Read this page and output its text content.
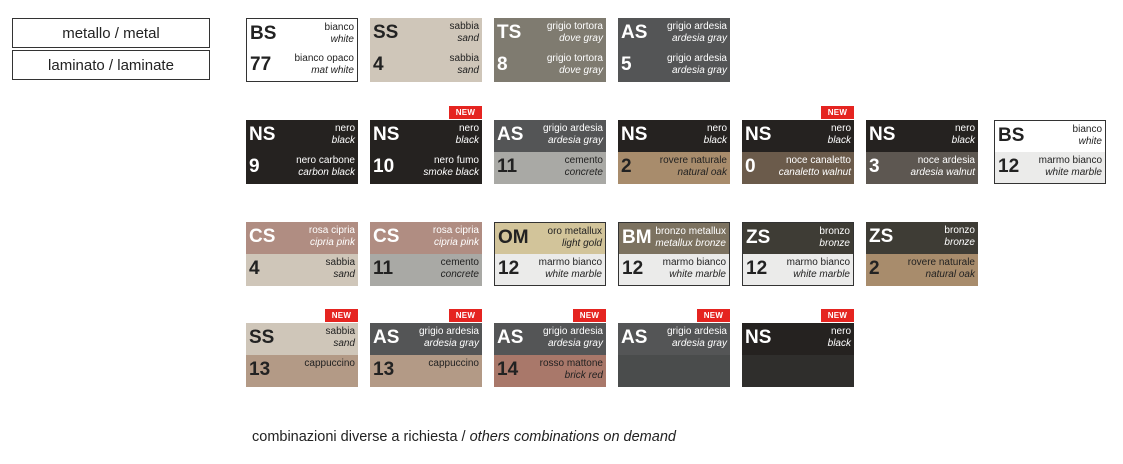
metallo / metal
laminato / laminate
BS	bianco
white
77 bianco opaco
mat white
SS	sabbia
sand
4	sabbia
sand
TS	grigio tortora
dove gray
8	grigio tortora
dove gray
AS grigio ardesia
ardesia gray
5	grigio ardesia
ardesia gray
NS	nero
black
9	nero carbone
carbon black
NS	nero
black
10	nero fumo
smoke black
NEW
AS grigio ardesia
ardesia gray
11	cemento
concrete
NS	nero
black
2	rovere naturale
natural oak
NS	nero
black
0	noce canaletto
canaletto walnut
NEW
NS	nero
black
3	noce ardesia
ardesia walnut
BS	bianco
white
12 marmo bianco
white marble
CS	rosa cipria
cipria pink
4	sabbia
sand
CS	rosa cipria
cipria pink
11	cemento
concrete
OM oro metallux
light gold
12 marmo bianco
white marble
BM bronzo metallux
metallux bronze
12 marmo bianco
white marble
ZS	bronzo
bronze
12 marmo bianco
white marble
ZS	bronzo
bronze
2	rovere naturale
natural oak
SS	sabbia
sand
13	cappuccino
NEW
AS grigio ardesia
ardesia gray
13	cappuccino
NEW
AS grigio ardesia
ardesia gray
14 rosso mattone
brick red
NEW
AS grigio ardesia
ardesia gray
NEW
NS	nero
black
NEW
combinazioni diverse a richiesta / others combinations on demand
